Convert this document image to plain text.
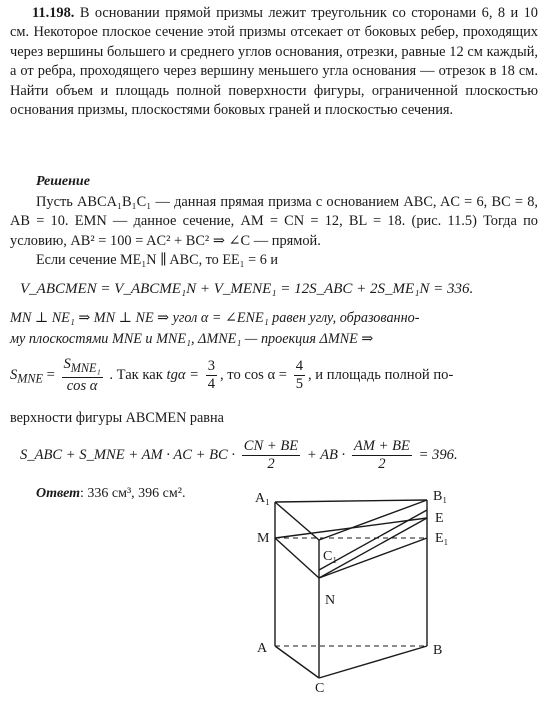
11.198. В основании прямой призмы лежит треугольник со сторонами 6, 8 и 10 см. Некоторое плоское сечение этой призмы отсекает от боковых ребер, проходящих через вершины большего и среднего углов основания, отрезки, равные 12 см каждый, а от ребра, проходящего через вершину меньшего угла основания — отрезок в 18 см. Найти объем и площадь полной поверхности фигуры, ограниченной плоскостью основания призмы, плоскостями боковых граней и плоскостью сечения.
Решение
Пусть ABCA₁B₁C₁ — данная прямая призма с основанием ABC, AC = 6, BC = 8, AB = 10. EMN — данное сечение, AM = CN = 12, BL = 18. (рис. 11.5) Тогда по условию, AB² = 100 = AC² + BC² ⇒ ∠C — прямой.
Если сечение ME₁N ∥ ABC, то EE₁ = 6 и
V_ABCMEN = V_ABCME₁N + V_MENE₁ = 12S_ABC + 2S_ME₁N = 336.
MN ⊥ NE₁ ⇒ MN ⊥ NE ⇒ угол α = ∠ENE₁ равен углу, образованно-
му плоскостями MNE и MNE₁, ΔMNE₁ — проекция ΔMNE ⇒
$S_{MNE} = \frac{S_{MNE_1}}{\text{cos α}}$ . Так как $tg\alpha = \frac{3}{4}$ , то $\cos \alpha = \frac{4}{5}$ , и площадь полной по-
верхности фигуры ABCMEN равна
S_ABC + S_MNE + AM · AC + BC · $\frac{CN + BE}{2}$ + AB · $\frac{AM + BE}{2} = 396$.
Ответ: 336 см³, 396 см².	A₁	B₁
E
M	E₁
C₁
N
A	B
C
